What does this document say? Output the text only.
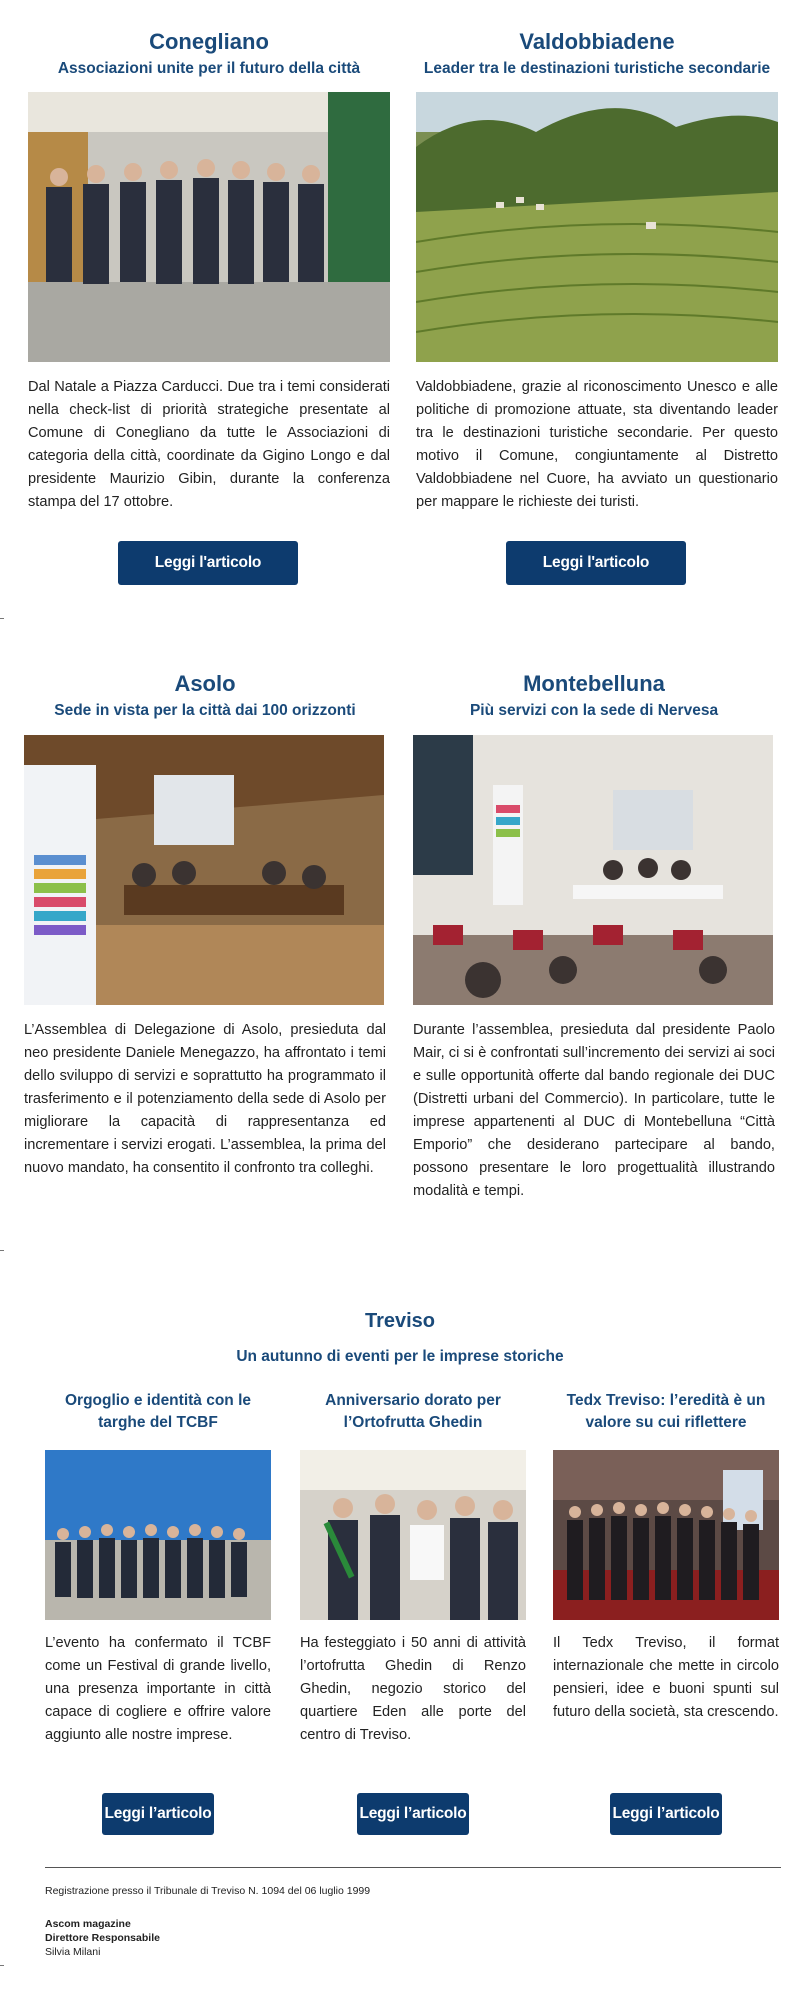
Conegliano
Associazioni unite per il futuro della città
Dal Natale a Piazza Carducci. Due tra i temi considerati nella check-list di priorità strategiche presentate al Comune di Conegliano da tutte le Associazioni di categoria della città, coordinate da Gigino Longo e dal presidente Maurizio Gibin, durante la conferenza stampa del 17 ottobre.
Leggi l'articolo
Valdobbiadene
Leader tra le destinazioni turistiche secondarie
Valdobbiadene, grazie al riconoscimento Unesco e alle politiche di promozione attuate, sta diventando leader tra le destinazioni turistiche secondarie. Per questo motivo il Comune, congiuntamente al Distretto Valdobbiadene nel Cuore, ha avviato un questionario per mappare le richieste dei turisti.
Leggi l'articolo
Asolo
Sede in vista per la città dai 100 orizzonti
L’Assemblea di Delegazione di Asolo, presieduta dal neo presidente Daniele Menegazzo, ha affrontato i temi dello sviluppo di servizi e soprattutto ha programmato il trasferimento e il potenziamento della sede di Asolo per migliorare la capacità di rappresentanza ed incrementare i servizi erogati. L’assemblea, la prima del nuovo mandato, ha consentito il confronto tra colleghi.
Montebelluna
Più servizi con la sede di Nervesa
Durante l’assemblea, presieduta dal presidente Paolo Mair, ci si è confrontati sull’incremento dei servizi ai soci e sulle opportunità offerte dal bando regionale dei DUC (Distretti urbani del Commercio). In particolare, tutte le imprese appartenenti al DUC di Montebelluna “Città Emporio” che desiderano partecipare al bando, possono presentare le loro progettualità illustrando modalità e tempi.
Treviso
Un autunno di eventi per le imprese storiche
Orgoglio e identità con le targhe del TCBF
L’evento ha confermato il TCBF come un Festival di grande livello, una presenza importante in città capace di cogliere e offrire valore aggiunto alle nostre imprese.
Leggi l’articolo
Anniversario dorato per l’Ortofrutta Ghedin
Ha festeggiato i 50 anni di attività l’ortofrutta Ghedin di Renzo Ghedin, negozio storico del quartiere Eden alle porte del centro di Treviso.
Leggi l’articolo
Tedx Treviso: l’eredità è un valore su cui riflettere
Il Tedx Treviso, il format internazionale che mette in circolo pensieri, idee e buoni spunti sul futuro della società, sta crescendo.
Leggi l’articolo
Registrazione presso il Tribunale di Treviso N. 1094 del 06 luglio 1999
Ascom magazine
Direttore Responsabile
Silvia Milani
